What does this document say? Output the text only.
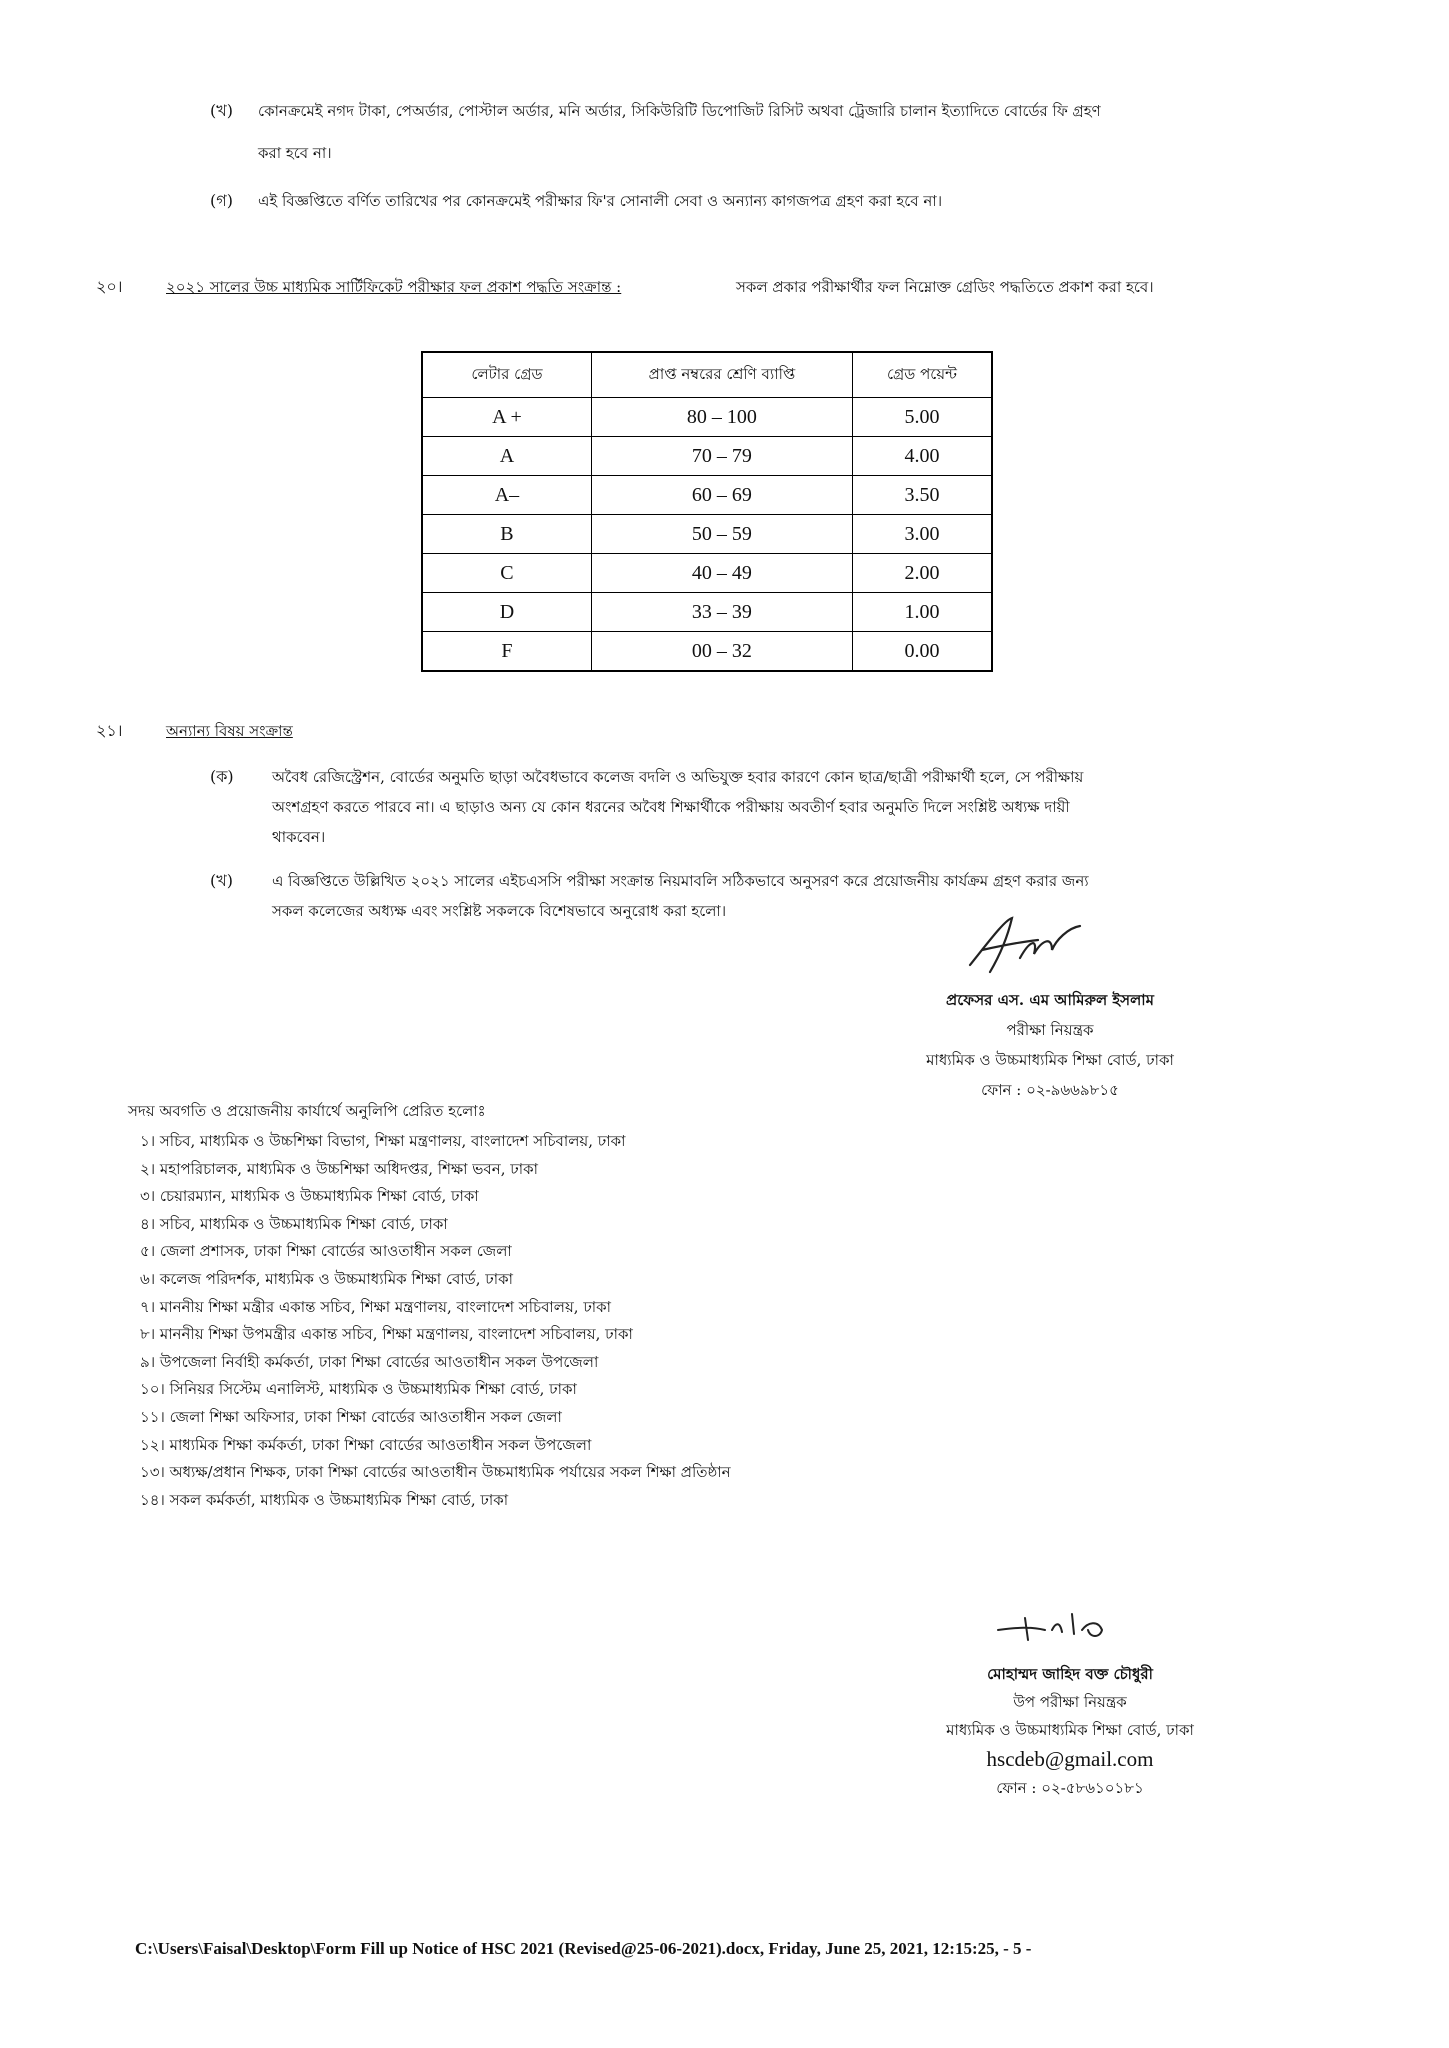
(খ) কোনক্রমেই নগদ টাকা, পেঅর্ডার, পোস্টাল অর্ডার, মনি অর্ডার, সিকিউরিটি ডিপোজিট রিসিট অথবা ট্রেজারি চালান ইত্যাদিতে বোর্ডের ফি গ্রহণ
করা হবে না।
(গ) এই বিজ্ঞপ্তিতে বর্ণিত তারিখের পর কোনক্রমেই পরীক্ষার ফি'র সোনালী সেবা ও অন্যান্য কাগজপত্র গ্রহণ করা হবে না।
২০।	২০২১ সালের উচ্চ মাধ্যমিক সার্টিফিকেট পরীক্ষার ফল প্রকাশ পদ্ধতি সংক্রান্ত :	সকল প্রকার পরীক্ষার্থীর ফল নিম্নোক্ত গ্রেডিং পদ্ধতিতে প্রকাশ করা হবে।
লেটার গ্রেড	প্রাপ্ত নম্বরের শ্রেণি ব্যাপ্তি	গ্রেড পয়েন্ট
A +	80 – 100	5.00
A	70 – 79	4.00
A–	60 – 69	3.50
B	50 – 59	3.00
C	40 – 49	2.00
D	33 – 39	1.00
F	00 – 32	0.00
২১।	অন্যান্য বিষয় সংক্রান্ত
(ক)	অবৈধ রেজিস্ট্রেশন, বোর্ডের অনুমতি ছাড়া অবৈধভাবে কলেজ বদলি ও অভিযুক্ত হবার কারণে কোন ছাত্র/ছাত্রী পরীক্ষার্থী হলে, সে পরীক্ষায়
অংশগ্রহণ করতে পারবে না। এ ছাড়াও অন্য যে কোন ধরনের অবৈধ শিক্ষার্থীকে পরীক্ষায় অবতীর্ণ হবার অনুমতি দিলে সংশ্লিষ্ট অধ্যক্ষ দায়ী
থাকবেন।
(খ)	এ বিজ্ঞপ্তিতে উল্লিখিত ২০২১ সালের এইচএসসি পরীক্ষা সংক্রান্ত নিয়মাবলি সঠিকভাবে অনুসরণ করে প্রয়োজনীয় কার্যক্রম গ্রহণ করার জন্য
সকল কলেজের অধ্যক্ষ এবং সংশ্লিষ্ট সকলকে বিশেষভাবে অনুরোধ করা হলো।
প্রফেসর এস. এম আমিরুল ইসলাম
পরীক্ষা নিয়ন্ত্রক
মাধ্যমিক ও উচ্চমাধ্যমিক শিক্ষা বোর্ড, ঢাকা
ফোন : ০২-৯৬৬৯৮১৫
সদয় অবগতি ও প্রয়োজনীয় কার্যার্থে অনুলিপি প্রেরিত হলোঃ
১। সচিব, মাধ্যমিক ও উচ্চশিক্ষা বিভাগ, শিক্ষা মন্ত্রণালয়, বাংলাদেশ সচিবালয়, ঢাকা
২। মহাপরিচালক, মাধ্যমিক ও উচ্চশিক্ষা অধিদপ্তর, শিক্ষা ভবন, ঢাকা
৩। চেয়ারম্যান, মাধ্যমিক ও উচ্চমাধ্যমিক শিক্ষা বোর্ড, ঢাকা
৪। সচিব, মাধ্যমিক ও উচ্চমাধ্যমিক শিক্ষা বোর্ড, ঢাকা
৫। জেলা প্রশাসক, ঢাকা শিক্ষা বোর্ডের আওতাধীন সকল জেলা
৬। কলেজ পরিদর্শক, মাধ্যমিক ও উচ্চমাধ্যমিক শিক্ষা বোর্ড, ঢাকা
৭। মাননীয় শিক্ষা মন্ত্রীর একান্ত সচিব, শিক্ষা মন্ত্রণালয়, বাংলাদেশ সচিবালয়, ঢাকা
৮। মাননীয় শিক্ষা উপমন্ত্রীর একান্ত সচিব, শিক্ষা মন্ত্রণালয়, বাংলাদেশ সচিবালয়, ঢাকা
৯। উপজেলা নির্বাহী কর্মকর্তা, ঢাকা শিক্ষা বোর্ডের আওতাধীন সকল উপজেলা
১০। সিনিয়র সিস্টেম এনালিস্ট, মাধ্যমিক ও উচ্চমাধ্যমিক শিক্ষা বোর্ড, ঢাকা
১১। জেলা শিক্ষা অফিসার, ঢাকা শিক্ষা বোর্ডের আওতাধীন সকল জেলা
১২। মাধ্যমিক শিক্ষা কর্মকর্তা, ঢাকা শিক্ষা বোর্ডের আওতাধীন সকল উপজেলা
১৩। অধ্যক্ষ/প্রধান শিক্ষক, ঢাকা শিক্ষা বোর্ডের আওতাধীন উচ্চমাধ্যমিক পর্যায়ের সকল শিক্ষা প্রতিষ্ঠান
১৪। সকল কর্মকর্তা, মাধ্যমিক ও উচ্চমাধ্যমিক শিক্ষা বোর্ড, ঢাকা
মোহাম্মদ জাহিদ বক্ত চৌধুরী
উপ পরীক্ষা নিয়ন্ত্রক
মাধ্যমিক ও উচ্চমাধ্যমিক শিক্ষা বোর্ড, ঢাকা
hscdeb@gmail.com
ফোন : ০২-৫৮৬১০১৮১
C:\Users\Faisal\Desktop\Form Fill up Notice of HSC 2021 (Revised@25-06-2021).docx, Friday, June 25, 2021, 12:15:25, - 5 -
